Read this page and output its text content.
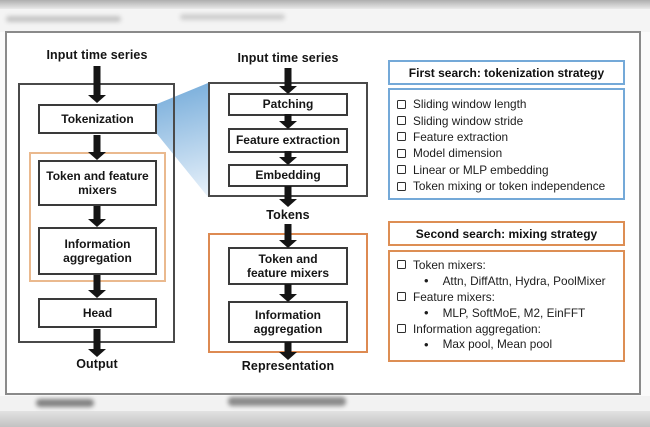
Input time series
Tokenization
Token and feature mixers
Information aggregation
Head
Output
Input time series
Patching
Feature extraction
Embedding
Tokens
Token and feature mixers
Information aggregation
Representation
First search: tokenization strategy
Sliding window length
Sliding window stride
Feature extraction
Model dimension
Linear or MLP embedding
Token mixing or token independence
Second search: mixing strategy
Token mixers:
• Attn, DiffAttn, Hydra, PoolMixer
Feature mixers:
• MLP, SoftMoE, M2, EinFFT
Information aggregation:
• Max pool, Mean pool
